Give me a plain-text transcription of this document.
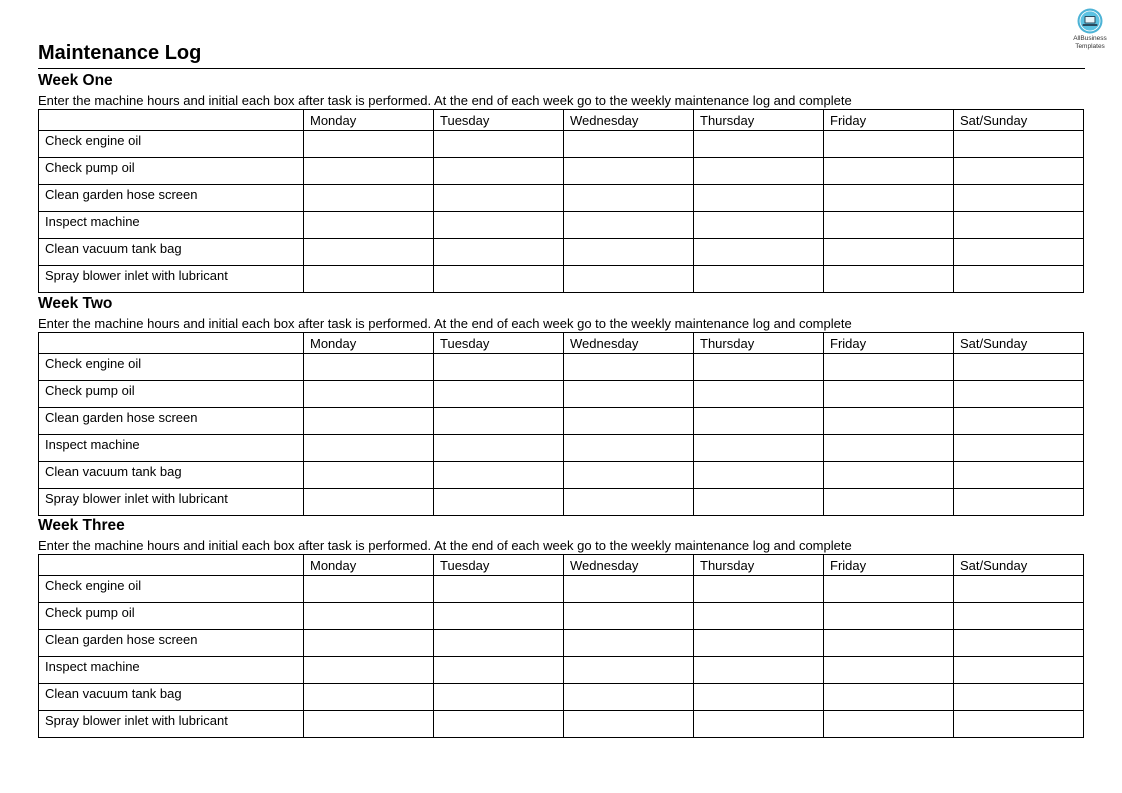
AllBusiness
Templates
Maintenance Log
Week One
Enter the machine hours and initial each box after task is performed. At the end of each week go to the weekly maintenance log and complete
	Monday	Tuesday	Wednesday	Thursday	Friday	Sat/Sunday
Check engine oil						
Check pump oil						
Clean garden hose screen						
Inspect machine						
Clean vacuum tank bag						
Spray blower inlet with lubricant						
Week Two
Enter the machine hours and initial each box after task is performed. At the end of each week go to the weekly maintenance log and complete
	Monday	Tuesday	Wednesday	Thursday	Friday	Sat/Sunday
Check engine oil						
Check pump oil						
Clean garden hose screen						
Inspect machine						
Clean vacuum tank bag						
Spray blower inlet with lubricant						
Week Three
Enter the machine hours and initial each box after task is performed. At the end of each week go to the weekly maintenance log and complete
	Monday	Tuesday	Wednesday	Thursday	Friday	Sat/Sunday
Check engine oil						
Check pump oil						
Clean garden hose screen						
Inspect machine						
Clean vacuum tank bag						
Spray blower inlet with lubricant						
